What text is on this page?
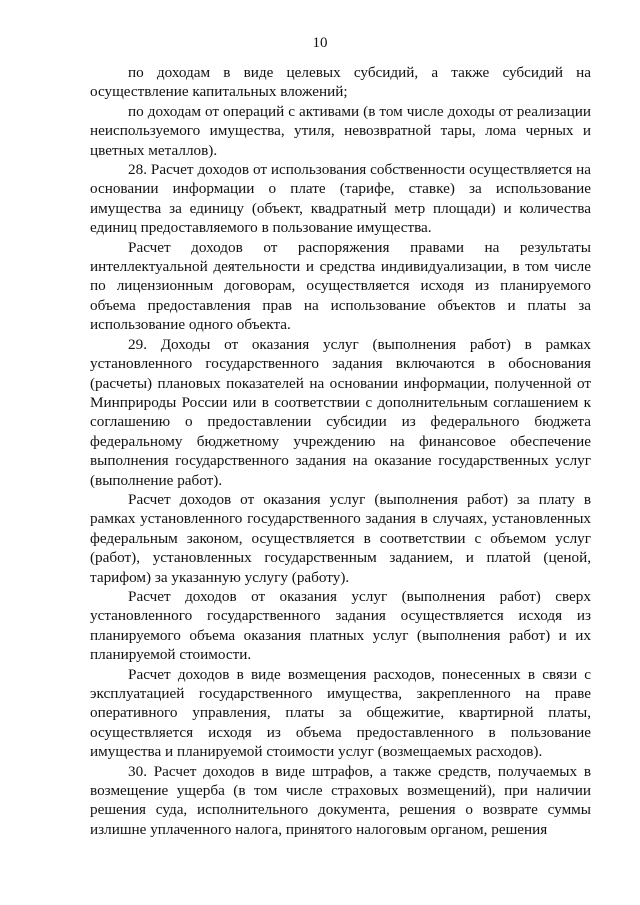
10

по доходам в виде целевых субсидий, а также субсидий на осуществление капитальных вложений;

по доходам от операций с активами (в том числе доходы от реализации неиспользуемого имущества, утиля, невозвратной тары, лома черных и цветных металлов).

28. Расчет доходов от использования собственности осуществляется на основании информации о плате (тарифе, ставке) за использование имущества за единицу (объект, квадратный метр площади) и количества единиц предоставляемого в пользование имущества.

Расчет доходов от распоряжения правами на результаты интеллектуальной деятельности и средства индивидуализации, в том числе по лицензионным договорам, осуществляется исходя из планируемого объема предоставления прав на использование объектов и платы за использование одного объекта.

29. Доходы от оказания услуг (выполнения работ) в рамках установленного государственного задания включаются в обоснования (расчеты) плановых показателей на основании информации, полученной от Минприроды России или в соответствии с дополнительным соглашением к соглашению о предоставлении субсидии из федерального бюджета федеральному бюджетному учреждению на финансовое обеспечение выполнения государственного задания на оказание государственных услуг (выполнение работ).

Расчет доходов от оказания услуг (выполнения работ) за плату в рамках установленного государственного задания в случаях, установленных федеральным законом, осуществляется в соответствии с объемом услуг (работ), установленных государственным заданием, и платой (ценой, тарифом) за указанную услугу (работу).

Расчет доходов от оказания услуг (выполнения работ) сверх установленного государственного задания осуществляется исходя из планируемого объема оказания платных услуг (выполнения работ) и их планируемой стоимости.

Расчет доходов в виде возмещения расходов, понесенных в связи с эксплуатацией государственного имущества, закрепленного на праве оперативного управления, платы за общежитие, квартирной платы, осуществляется исходя из объема предоставленного в пользование имущества и планируемой стоимости услуг (возмещаемых расходов).

30. Расчет доходов в виде штрафов, а также средств, получаемых в возмещение ущерба (в том числе страховых возмещений), при наличии решения суда, исполнительного документа, решения о возврате суммы излишне уплаченного налога, принятого налоговым органом, решения
